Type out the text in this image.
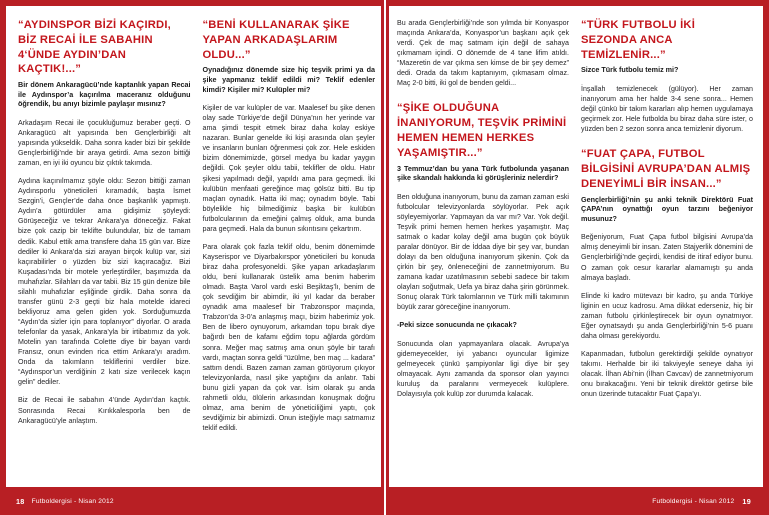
“AYDINSPOR BİZİ KAÇIRDI, BİZ RECAİ İLE SABAHIN 4‘ÜNDE AYDIN’DAN KAÇTIK!...”

Bir dönem Ankaragücü’nde kaptanlık yapan Recai ile Aydınspor’a kaçırılma maceranız olduğunu öğrendik, bu anıyı bizimle paylaşır mısınız?

Arkadaşım Recai ile çocukluğumuz beraber geçti. O Ankaragücü alt yapısında ben Gençlerbirliği alt yapısında yükseldik. Daha sonra kader bizi bir şekilde Gençlerbirliği’nde bir araya getirdi. Ama sezon bittiği zaman, en iyi iki oyuncu biz çıktık takımda.

Aydına kaçınılmamız şöyle oldu: Sezon bittiği zaman Aydınsporlu yöneticileri kıramadık, başta İsmet Sezgin’i, Gençler’de daha önce başkanlık yapmıştı. Aydın’a götürdüler ama gidişimiz şöyleydi: Görüşeceğiz ve tekrar Ankara’ya döneceğiz. Fakat bize çok cazip bir teklifte bulundular, biz de tamam dedik. Kabul ettik ama transfere daha 15 gün var. Bize dediler ki Ankara’da sizi arayan birçok kulüp var, sizi kaçırabilirler o yüzden biz sizi kaçıracağız. Bizi Kuşadası’nda bir motele yerleştirdiler, başımızda da muhafızlar. Silahları da var tabii. Biz 15 gün denize bile silahlı muhafızlar eşliğinde girdik. Daha sonra da transfer günü 2-3 geçti biz hala motelde idareci bekliyoruz ama gelen giden yok. Sorduğumuzda “Aydın’da sizler için para toplanıyor” diyorlar. O arada telefonlar da yasak, Ankara’yla bir irtibatımız da yok. Motelin yan tarafında Colette diye bir bayan vardı Fransız, onun evinden rica ettim Ankara’yı aradım. Onda da takımların tekliflerini verdiler bize. “Aydınspor’un verdiğinin 2 katı size verilecek kaçın gelin” dediler.

Biz de Recai ile sabahın 4’ünde Aydın’dan kaçtık. Sonrasında Recai Kırıkkalesporla ben de Ankaragücü’yle anlaştım.

“BENİ KULLANARAK ŞİKE YAPAN ARKADAŞLARIM OLDU...”

Oynadığınız dönemde size hiç teşvik primi ya da şike yapmanız teklif edildi mi? Teklif edenler kimdi? Kişiler mi? Kulüpler mi?

Kişiler de var kulüpler de var. Maalesef bu şike denen olay sade Türkiye’de değil Dünya’nın her yerinde var ama şimdi tespit etmek biraz daha kolay eskiye nazaran. Bunlar genelde iki kişi arasında olan şeyler ve insanların bunları öğrenmesi çok zor. Hele eskiden bizim dönemimizde, görsel medya bu kadar yaygın değildi. Çok şeyler oldu tabii, teklifler de oldu. Hatır şikesi yapılmadı değil, yapıldı ama para geçmedi. İki kulübün menfaati gereğince maç gölsüz bitti. Bu tip maçları oynadık. Hatta iki maç; oynadım böyle. Tabi böylelikle hiç bilmediğimiz başka bir kulübün futbolcularının da emeğini çalmış olduk, ama bunda para geçmedi. Hala da bunun sıkıntısını çekartrım.

Para olarak çok fazla teklif oldu, benim dönemimde Kayserispor ve Diyarbakırspor yöneticileri bu konuda biraz daha profesyoneldi. Şike yapan arkadaşlarım oldu, beni kullanarak üstelik ama benim haberim olmadı. Başta Varol vardı eski Beşiktaş’lı, benim de çok sevdiğim bir abimdir, iki yıl kadar da beraber oynadık ama maalesef bir Trabzonspor maçında, Trabzon’da 3-0’a anlaşmış maçı, bizim haberimiz yok. Ben de libero oynuyorum, arkamdan topu bırak diye bağırdı ben de kafamı eğdim topu ağlarda gördüm sonra. Meğer maç satmış ama onun şöyle bir tarafı vardı, maçtan sonra geldi “üzülme, ben maç ... kadara” sattım dendi. Bazen zaman zaman görüyorum çıkıyor televizyonlarda, nasıl şike yaptığını da anlatır. Tabi bunu gizli yapan da çok var. İsim olarak şu anda rahmetli oldu, ölülerin arkasından konuşmak doğru olmaz, ama benim de yöneticiliğimi yaptı, çok sevdiğimiz bir abimizdi. Onun isteğiyle maçı satmamız teklif edildi.

18 Futboldergisi - Nisan 2012

Bu arada Gençlerbirliği’nde son yılmda bir Konyaspor maçında Ankara’da, Konyaspor’un başkanı açık çek verdi. Çek de maç satmam için değil de sahaya çıkmamam içindi. O dönemde de 4 tane lifim atıldı. “Mazeretin de var çıkma sen kimse de bir şey demez” dedi. Orada da takım kaptanıyım, çıkmasam olmaz. Maç 2-0 bitti, iki gol de benden geldi...

“ŞİKE OLDUĞUNA İNANIYORUM, TEŞVİK PRİMİNİ HEMEN HEMEN HERKES YAŞAMIŞTIR...”

3 Temmuz’dan bu yana Türk futbolunda yaşanan şike skandalı hakkında ki görüşleriniz nelerdir?

Ben olduğuna inanıyorum, bunu da zaman zaman eski futbolcular televizyonlarda söylüyorlar. Pek açık söyleyemiyorlar. Yapmayan da var mı? Var. Yok değil. Teşvik primi hemen hemen herkes yaşamıştır. Maç satmak o kadar kolay değil ama bugün çok büyük paralar dönüyor. Bir de İddaa diye bir şey var, bundan dolayı da ben olduğuna inanıyorum şikenin. Çok da çirkin bir şey, önleneceğini de zannetmiyorum. Bu zamana kadar uzatılmasının sebebi sadece bir takım olayları soğutmak, Uefa ya biraz daha şirin görünmek. Sonuç olarak Türk takımlarının ve Türk milli takımının büyük zarar göreceğine inanıyorum.

-Peki sizce sonucunda ne çıkacak?

Sonucunda olan yapmayanlara olacak. Avrupa’ya gidemeyecekler, iyi yabancı oyuncular ligimize gelmeyecek çünkü şampiyonlar ligi diye bir şey olmayacak. Aynı zamanda da sponsor olan yayıncı kuruluş da paralarını vermeyecek kulüplere. Dolayısıyla çok kulüp zor durumda kalacak.

“TÜRK FUTBOLU İKİ SEZONDA ANCA TEMİZLENİR...”

Sizce Türk futbolu temiz mi?

İnşallah temizlenecek (gülüyor). Her zaman inanıyorum ama her halde 3-4 sene sonra... Hemen değil çünkü bir takım kararları alıp hemen uygulamaya geçirmek zor. Hele futbolda bu biraz daha süre ister, o yüzden ben 2 sezon sonra anca temizlenir diyorum.

“FUAT ÇAPA, FUTBOL BİLGİSİNİ AVRUPA’DAN ALMIŞ DENEYİMLİ BİR İNSAN...”

Gençlerbirliği’nin şu anki teknik Direktörü Fuat ÇAPA’nın oynattığı oyun tarzını beğeniyor musunuz?

Beğeniyorum, Fuat Çapa futbol bilgisini Avrupa’da almış deneyimli bir insan. Zaten Stajyerlik dönemini de Gençlerbirliği’nde geçirdi, kendisi de itiraf ediyor bunu. O zaman çok cesur kararlar alamamıştı şu anda almaya başladı.

Elinde ki kadro mütevazı bir kadro, şu anda Türkiye liginin en ucuz kadrosu. Ama dikkat ederseniz, hiç bir zaman futbolu çirkinleştirecek bir oyun oynatmıyor. Eğer oynatsaydı şu anda Gençlerbirliği’nin 5-6 puanı daha olması gerekiyordu.

Kapanmadan, futbolun gerektirdiği şekilde oynatıyor takımı. Herhalde bir iki takviyeyle seneye daha iyi olacak. İlhan Abi’nin (İlhan Cavcav) de zannetmiyorum onu bırakacağını. Yeni bir teknik direktör getirse bile onun üzerinde tutacaktır Fuat Çapa’yı.

Futboldergisi - Nisan 2012 19
